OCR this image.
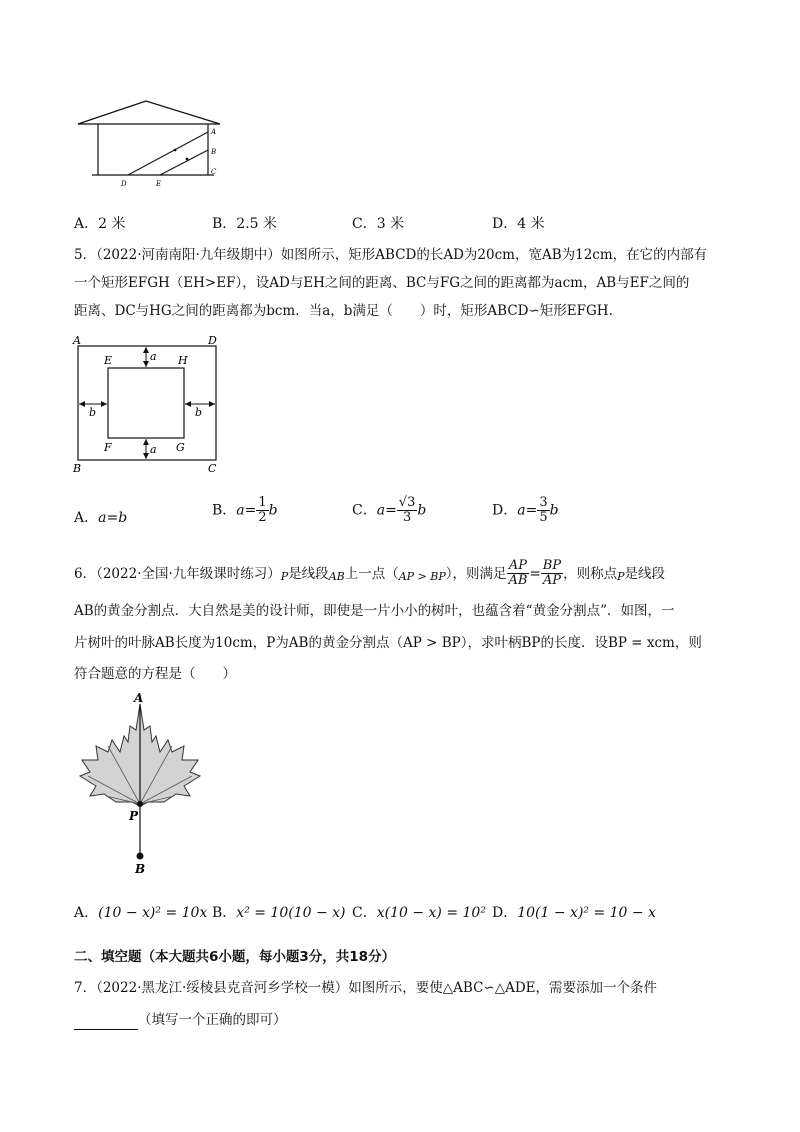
A
B
C
D	E
A．2 米	B．2.5 米	C．3 米	D．4 米
5．（2022·河南南阳·九年级期中）如图所示，矩形ABCD的长AD为20cm，宽AB为12cm，在它的内部有
一个矩形EFGH（EH>EF），设AD与EH之间的距离、BC与FG之间的距离都为acm，AB与EF之间的
距离、DC与HG之间的距离都为bcm．当a，b满足（　　）时，矩形ABCD∽矩形EFGH.
A	D
B	C
E	H
F	G
a
a
b	b
A．a=b	B．$a= \frac{1}{2}$ b	C．$a= \frac{√3}{3}$ b	D．$a= \frac{3}{5}$ b
6．（2022·全国·九年级课时练习） P 是线段 AB 上一点（ AP > BP ），则满足 $\frac{AP}{AB} = \frac{BP}{AP}$ ，则称点 P 是线段
AB的黄金分割点．大自然是美的设计师，即使是一片小小的树叶，也蕴含着“黄金分割点”．如图，一
片树叶的叶脉AB长度为10cm，P为AB的黄金分割点（AP > BP），求叶柄BP的长度．设BP = xcm，则
符合题意的方程是（　　）
A
P
B
A．(10 − x)² = 10x B．x² = 10(10 − x) C．x(10 − x) = 10² D．10(1 − x)² = 10 − x
二、填空题（本大题共6小题，每小题3分，共18分）
7．（2022·黑龙江·绥棱县克音河乡学校一模）如图所示，要使△ABC∽△ADE，需要添加一个条件
（填写一个正确的即可）
